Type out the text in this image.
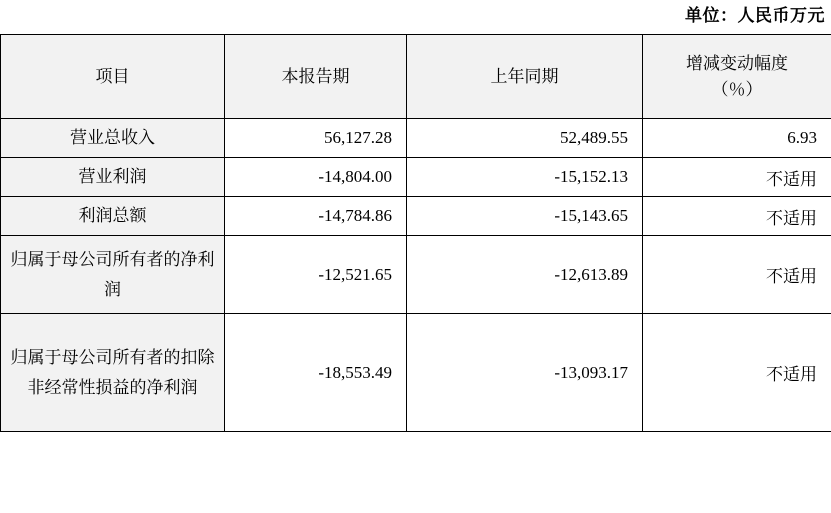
单位：人民币万元
项目	本报告期	上年同期	增减变动幅度
（％）

营业总收入	56,127.28	52,489.55	6.93
营业利润	-14,804.00	-15,152.13	不适用
利润总额	-14,784.86	-15,143.65	不适用
归属于母公司所有者的净利润	-12,521.65	-12,613.89	不适用
归属于母公司所有者的扣除非经常性损益的净利润	-18,553.49	-13,093.17	不适用
